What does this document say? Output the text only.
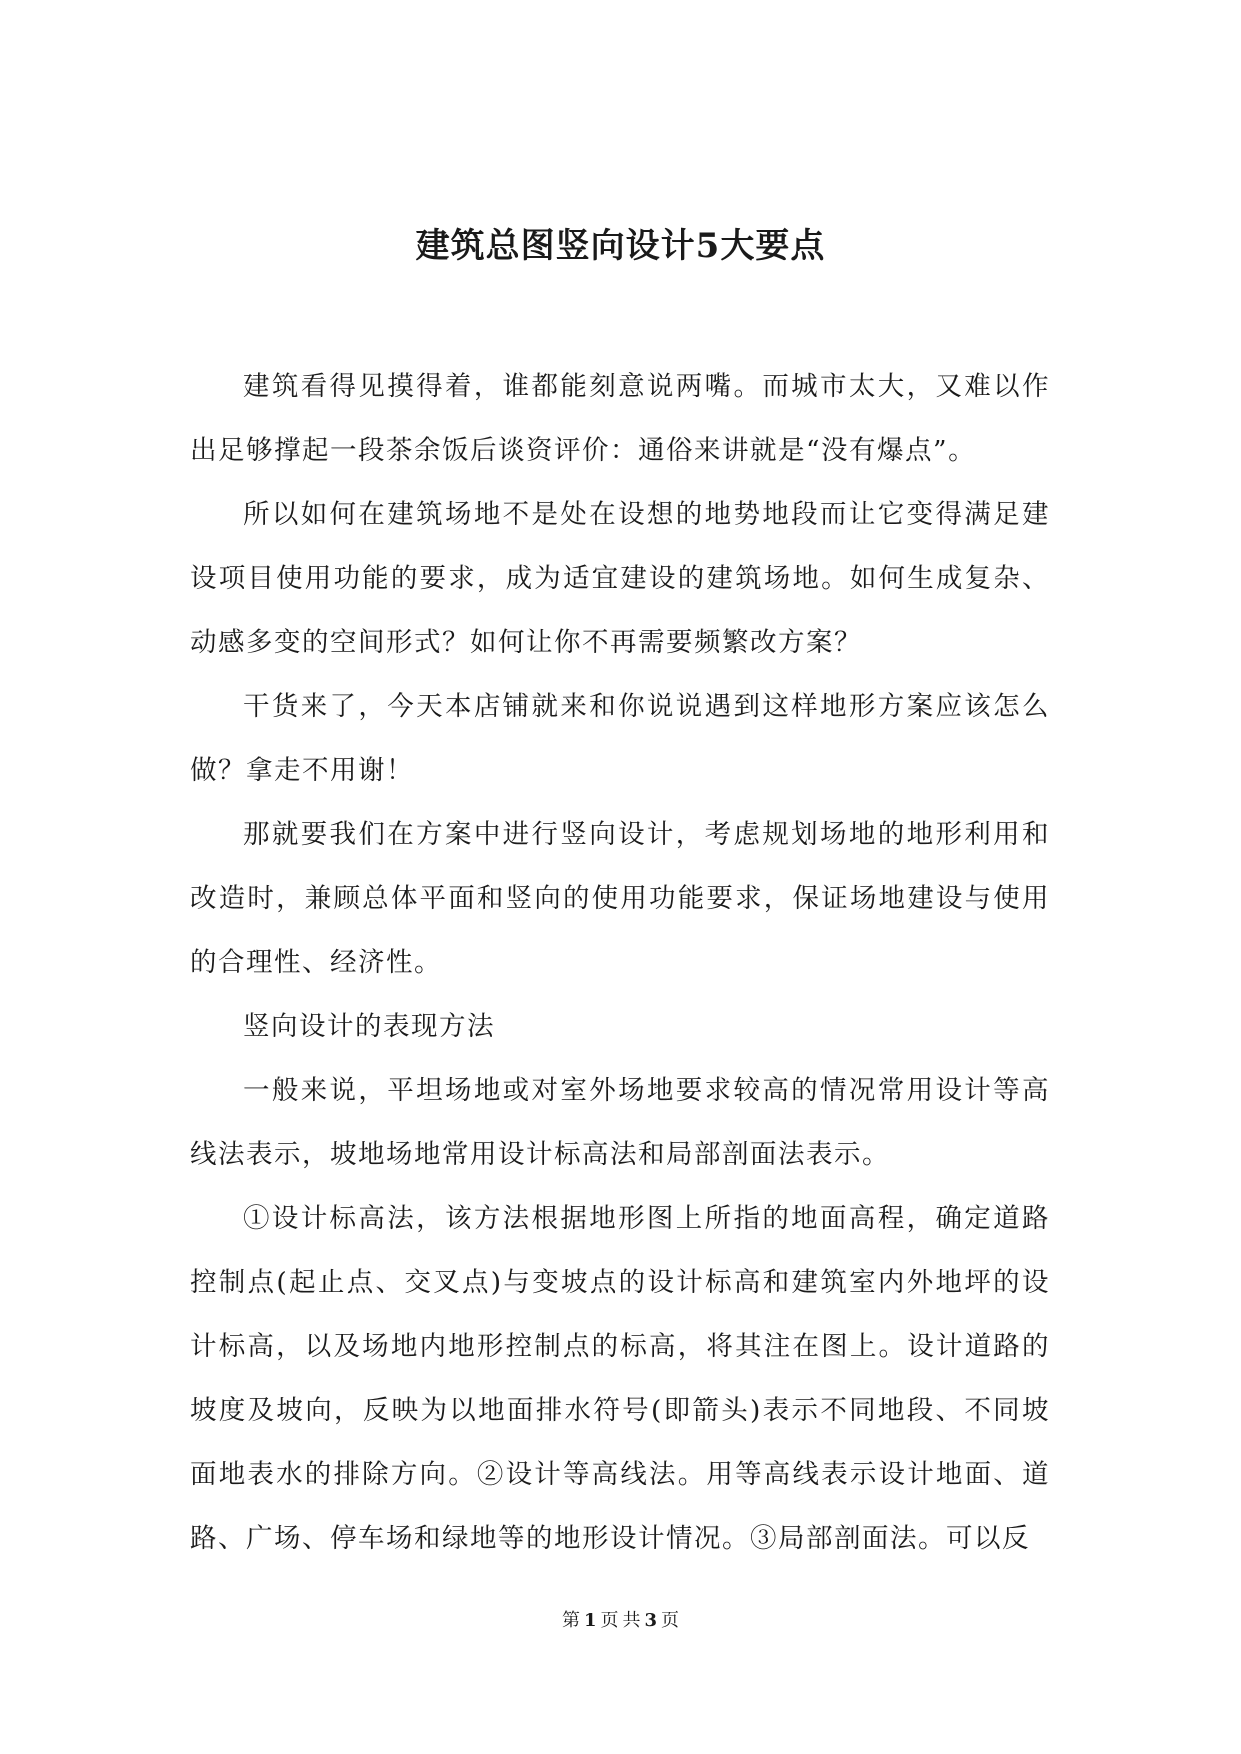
建筑总图竖向设计5大要点

建筑看得见摸得着，谁都能刻意说两嘴。而城市太大，又难以作出足够撑起一段茶余饭后谈资评价：通俗来讲就是“没有爆点”。

所以如何在建筑场地不是处在设想的地势地段而让它变得满足建设项目使用功能的要求，成为适宜建设的建筑场地。如何生成复杂、动感多变的空间形式？如何让你不再需要频繁改方案？

干货来了，今天本店铺就来和你说说遇到这样地形方案应该怎么做？拿走不用谢！

那就要我们在方案中进行竖向设计，考虑规划场地的地形利用和改造时，兼顾总体平面和竖向的使用功能要求，保证场地建设与使用的合理性、经济性。

竖向设计的表现方法

一般来说，平坦场地或对室外场地要求较高的情况常用设计等高线法表示，坡地场地常用设计标高法和局部剖面法表示。

①设计标高法，该方法根据地形图上所指的地面高程，确定道路控制点(起止点、交叉点)与变坡点的设计标高和建筑室内外地坪的设计标高，以及场地内地形控制点的标高，将其注在图上。设计道路的坡度及坡向，反映为以地面排水符号(即箭头)表示不同地段、不同坡面地表水的排除方向。②设计等高线法。用等高线表示设计地面、道路、广场、停车场和绿地等的地形设计情况。③局部剖面法。可以反

第 1 页 共 3 页
